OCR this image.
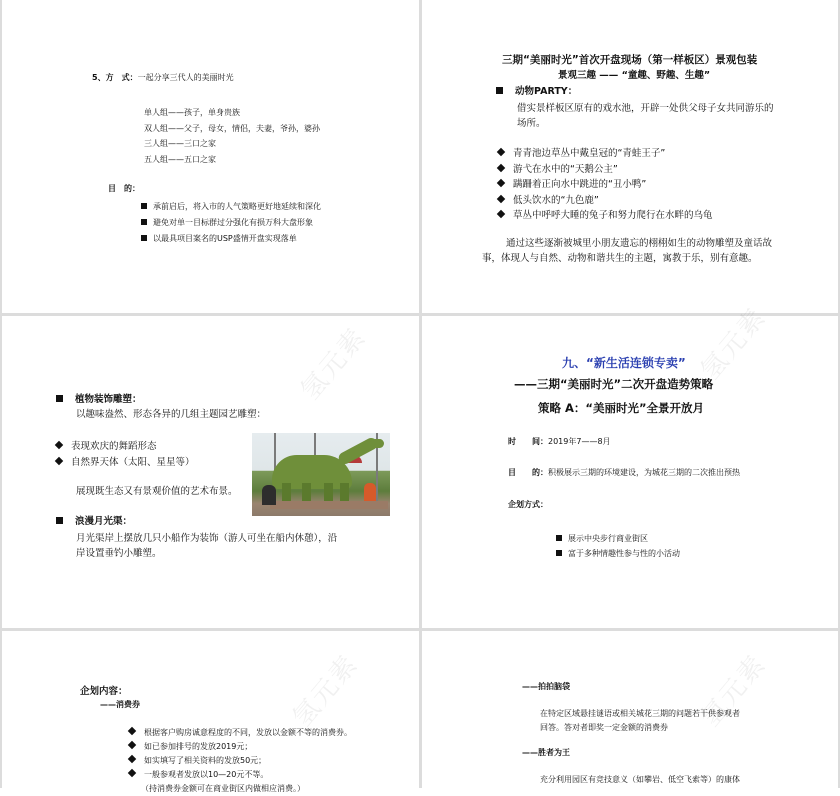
5、方　式：一起分享三代人的美丽时光
单人组——孩子，单身贵族
双人组——父子，母女，情侣，夫妻，爷孙，婆孙
三人组——三口之家
五人组——五口之家
目　的：
承前启后，将入市的人气策略更好地延续和深化
避免对单一目标群过分强化有损万科大盘形象
以最具项目案名的USP盛情开盘实现落单
三期“美丽时光”首次开盘现场（第一样板区）景观包装
景观三趣 —— “童趣、野趣、生趣”
动物PARTY：
借实景样板区原有的戏水池，开辟一处供父母子女共同游乐的
场所。
青青池边草丛中戴皇冠的“青蛙王子”
游弋在水中的“天鹅公主”
蹒跚着正向水中跳进的“丑小鸭”
低头饮水的“九色鹿”
草丛中呼呼大睡的兔子和努力爬行在水畔的乌龟
通过这些逐渐被城里小朋友遗忘的栩栩如生的动物雕塑及童话故
事，体现人与自然、动物和谐共生的主题，寓教于乐，别有意趣。
氢元素
植物装饰雕塑：
以趣味盎然、形态各异的几组主题园艺雕塑：
表现欢庆的舞蹈形态
自然界天体（太阳、星星等）
展现既生态又有景观价值的艺术布景。
浪漫月光渠：
月光渠岸上摆放几只小船作为装饰（游人可坐在船内休憩），沿
岸设置垂钓小雕塑。
氢元素
九、“新生活连锁专卖”
——三期“美丽时光”二次开盘造势策略
策略 A：“美丽时光”全景开放月
时　　间：2019年7——8月
目　　的：积极展示三期的环境建设，为城花三期的二次推出预热
企划方式：
展示中央步行商业街区
富于多种情趣性参与性的小活动
氢元素
企划内容：
——消费券
根据客户购房诚意程度的不同，发放以金额不等的消费券。
如已参加排号的发放2019元；
如实填写了相关资料的发放50元；
一般参观者发放以10—20元不等。
（持消费券金额可在商业街区内做相应消费。）
氢元素
——拍拍脑袋
在特定区域悬挂谜语或相关城花三期的问题若干供参观者
回答。答对者即奖一定金额的消费券
——胜者为王
充分利用园区有竞技意义（如攀岩、低空飞索等）的康体
